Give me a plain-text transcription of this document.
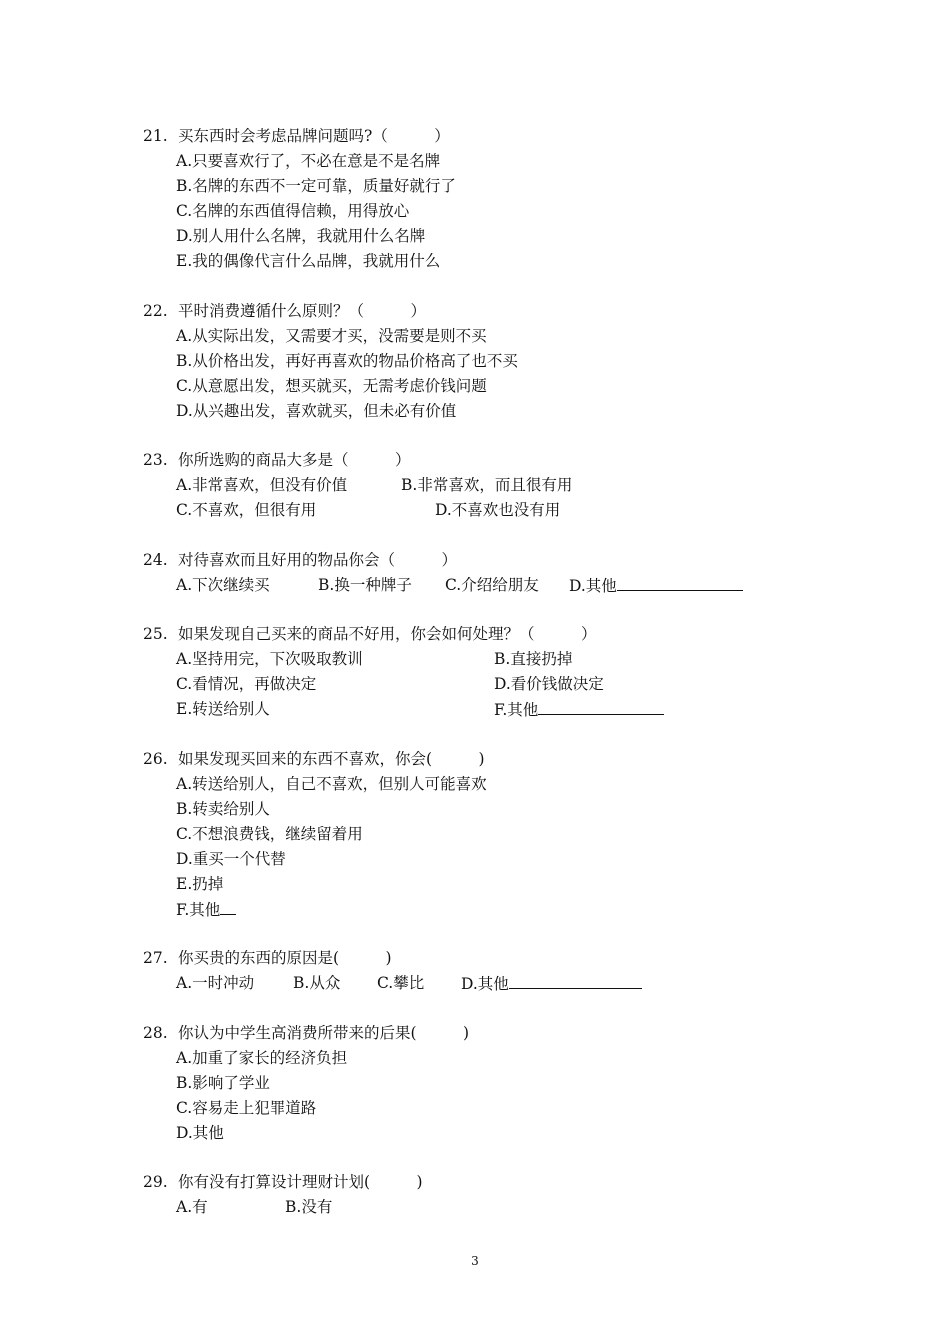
21. 买东西时会考虑品牌问题吗?（　　　）
A.只要喜欢行了，不必在意是不是名牌
B.名牌的东西不一定可靠，质量好就行了
C.名牌的东西值得信赖，用得放心
D.别人用什么名牌，我就用什么名牌
E.我的偶像代言什么品牌，我就用什么
22. 平时消费遵循什么原则？（　　　）
A.从实际出发，又需要才买，没需要是则不买
B.从价格出发，再好再喜欢的物品价格高了也不买
C.从意愿出发，想买就买，无需考虑价钱问题
D.从兴趣出发，喜欢就买，但未必有价值
23. 你所选购的商品大多是（　　　）
A.非常喜欢，但没有价值	B.非常喜欢，而且很有用
C.不喜欢，但很有用	D.不喜欢也没有用
24. 对待喜欢而且好用的物品你会（　　　）
A.下次继续买	B.换一种牌子 C.介绍给朋友 D.其他
25. 如果发现自己买来的商品不好用，你会如何处理？（　　　）
A.坚持用完，下次吸取教训	B.直接扔掉
C.看情况，再做决定	D.看价钱做决定
E.转送给别人	F.其他
26. 如果发现买回来的东西不喜欢，你会(　　　)
A.转送给别人，自己不喜欢，但别人可能喜欢
B.转卖给别人
C.不想浪费钱，继续留着用
D.重买一个代替
E.扔掉
F.其他
27. 你买贵的东西的原因是(　　　)
A.一时冲动	B.从众 C.攀比 D.其他
28. 你认为中学生高消费所带来的后果(　　　)
A.加重了家长的经济负担
B.影响了学业
C.容易走上犯罪道路
D.其他
29. 你有没有打算设计理财计划(　　　)
A.有	B.没有
3
